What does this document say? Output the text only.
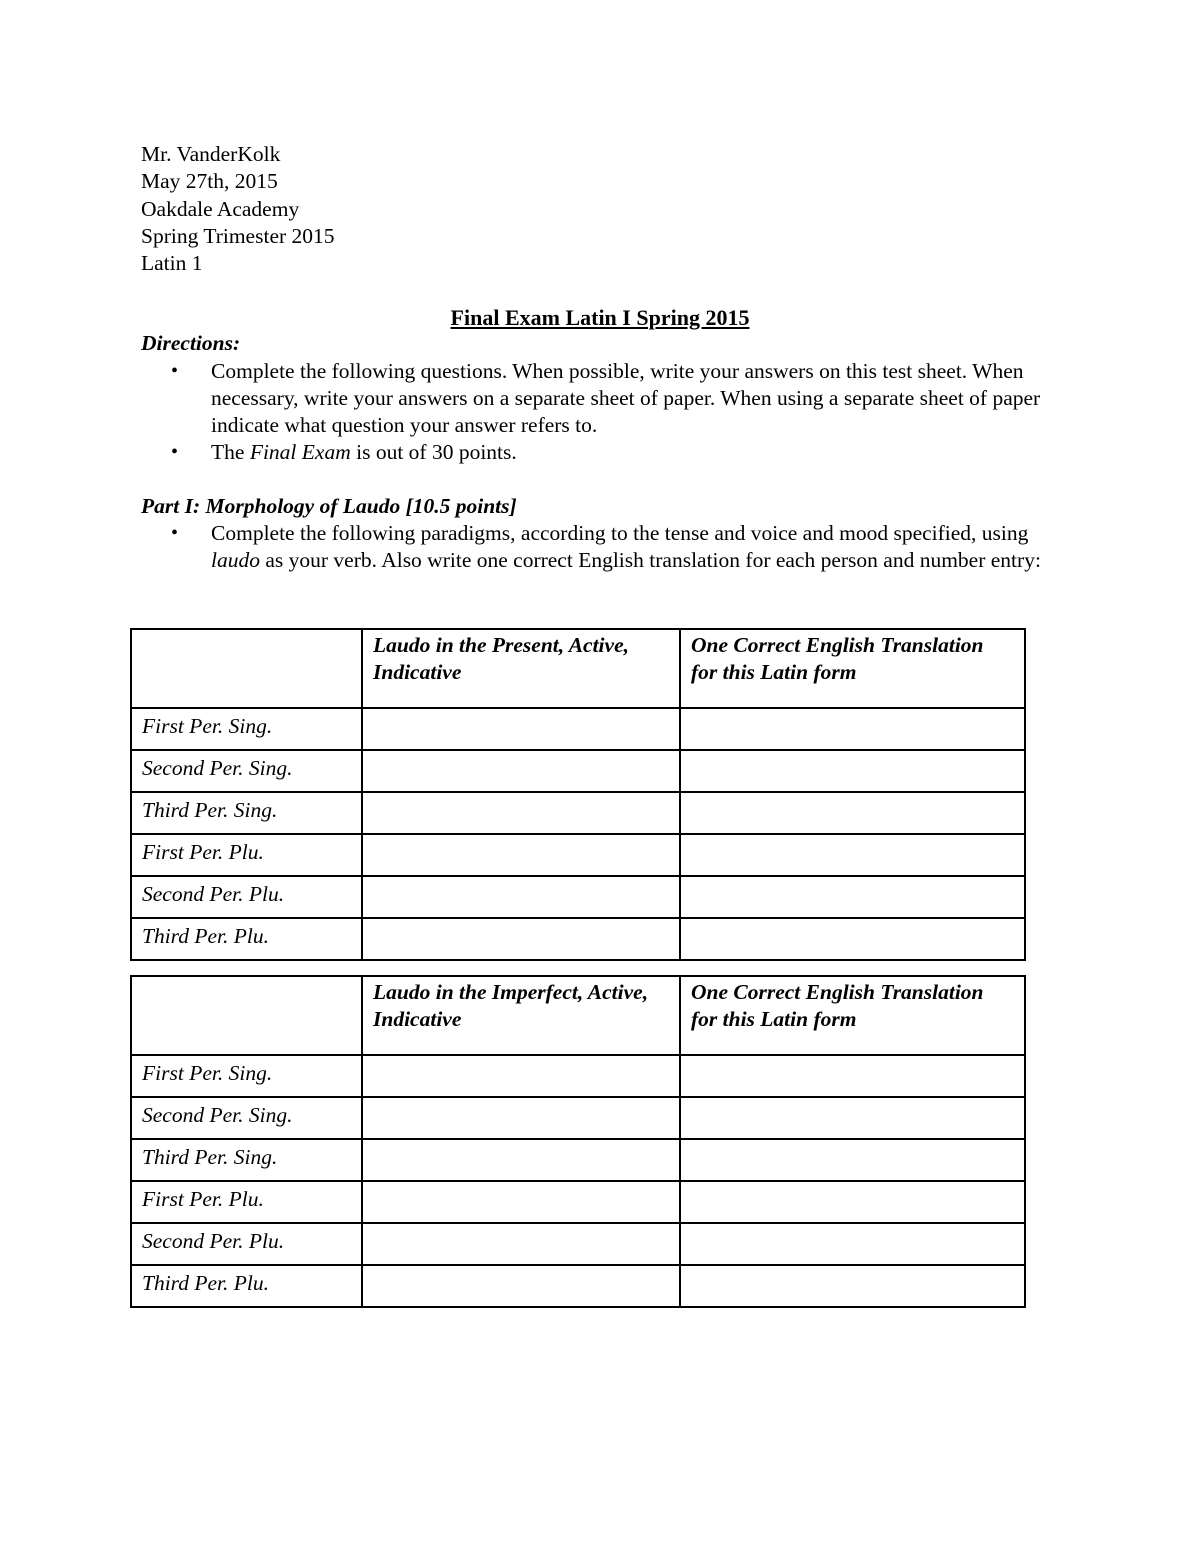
Mr. VanderKolk
May 27th, 2015
Oakdale Academy
Spring Trimester 2015
Latin 1
Final Exam Latin I Spring 2015
Directions:
• Complete the following questions. When possible, write your answers on this test sheet. When necessary, write your answers on a separate sheet of paper. When using a separate sheet of paper indicate what question your answer refers to.
• The Final Exam is out of 30 points.
Part I: Morphology of Laudo [10.5 points]
• Complete the following paradigms, according to the tense and voice and mood specified, using laudo as your verb. Also write one correct English translation for each person and number entry:
	Laudo in the Present, Active, Indicative	One Correct English Translation for this Latin form
First Per. Sing.		
Second Per. Sing.		
Third Per. Sing.		
First Per. Plu.		
Second Per. Plu.		
Third Per. Plu.		
	Laudo in the Imperfect, Active, Indicative	One Correct English Translation for this Latin form
First Per. Sing.		
Second Per. Sing.		
Third Per. Sing.		
First Per. Plu.		
Second Per. Plu.		
Third Per. Plu.		
